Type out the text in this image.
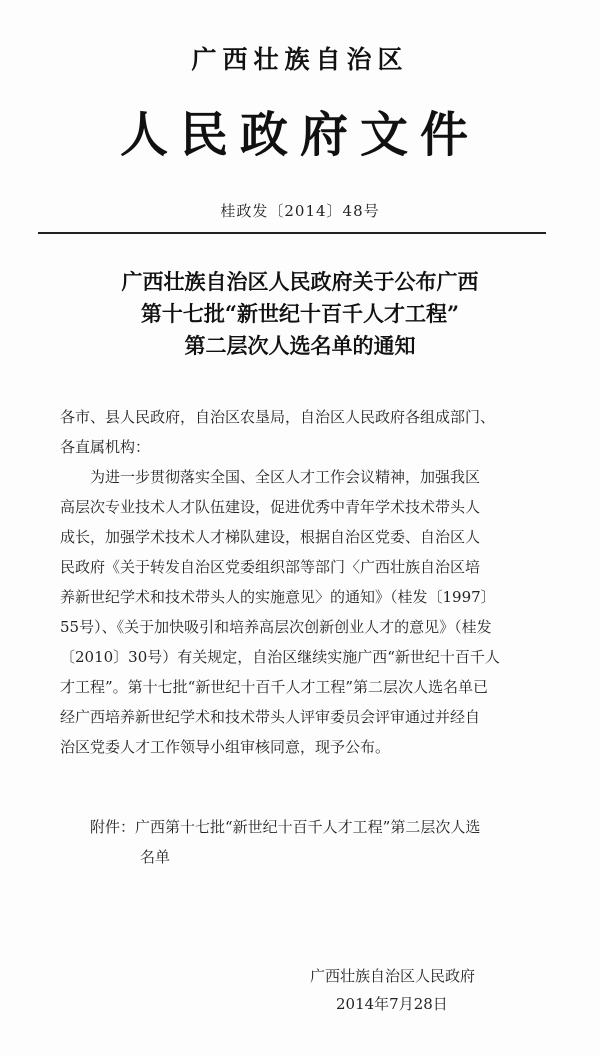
广西壮族自治区
人民政府文件
桂政发〔2014〕48号
广西壮族自治区人民政府关于公布广西
第十七批“新世纪十百千人才工程”
第二层次人选名单的通知
各市、县人民政府，自治区农垦局，自治区人民政府各组成部门、
各直属机构：
为进一步贯彻落实全国、全区人才工作会议精神，加强我区
高层次专业技术人才队伍建设，促进优秀中青年学术技术带头人
成长，加强学术技术人才梯队建设，根据自治区党委、自治区人
民政府《关于转发自治区党委组织部等部门〈广西壮族自治区培
养新世纪学术和技术带头人的实施意见〉的通知》（桂发〔1997〕
55号）、《关于加快吸引和培养高层次创新创业人才的意见》（桂发
〔2010〕30号）有关规定，自治区继续实施广西“新世纪十百千人
才工程”。第十七批“新世纪十百千人才工程”第二层次人选名单已
经广西培养新世纪学术和技术带头人评审委员会评审通过并经自
治区党委人才工作领导小组审核同意，现予公布。
附件：广西第十七批“新世纪十百千人才工程”第二层次人选
名单
广西壮族自治区人民政府
2014年7月28日
